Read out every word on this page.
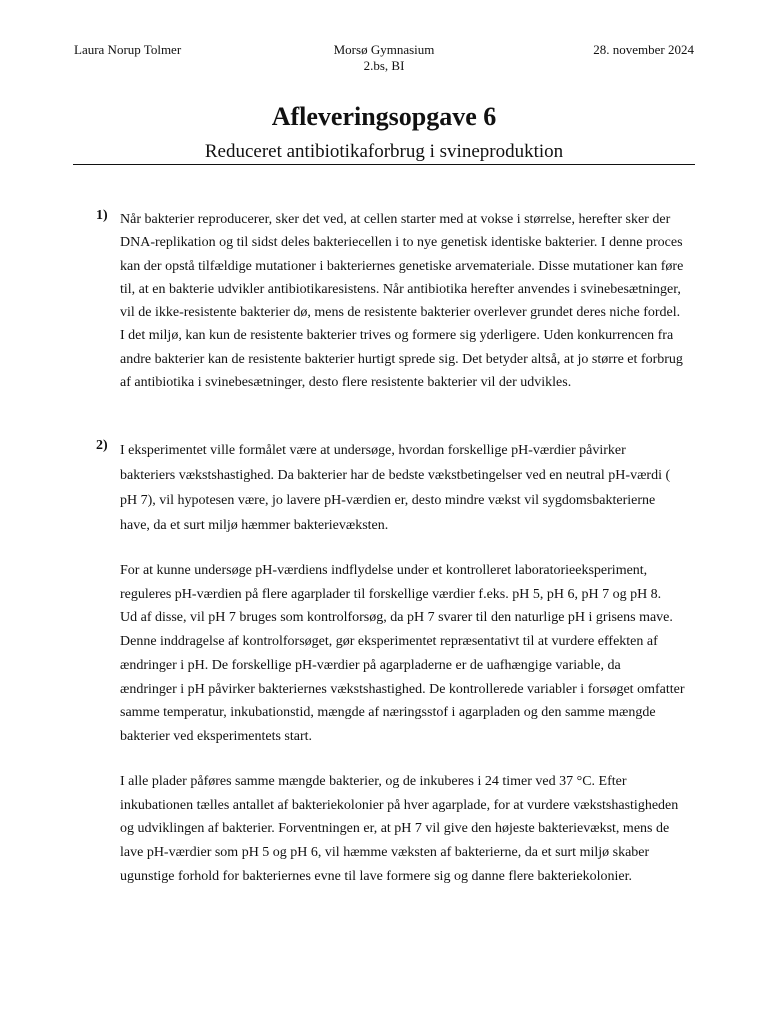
Laura Norup Tolmer	Morsø Gymnasium
2.bs, BI
28. november 2024
Afleveringsopgave 6
Reduceret antibiotikaforbrug i svineproduktion
1) Når bakterier reproducerer, sker det ved, at cellen starter med at vokse i størrelse, herefter sker der
DNA-replikation og til sidst deles bakteriecellen i to nye genetisk identiske bakterier. I denne proces
kan der opstå tilfældige mutationer i bakteriernes genetiske arvemateriale. Disse mutationer kan føre
til, at en bakterie udvikler antibiotikaresistens. Når antibiotika herefter anvendes i svinebesætninger,
vil de ikke-resistente bakterier dø, mens de resistente bakterier overlever grundet deres niche fordel.
I det miljø, kan kun de resistente bakterier trives og formere sig yderligere. Uden konkurrencen fra
andre bakterier kan de resistente bakterier hurtigt sprede sig. Det betyder altså, at jo større et forbrug
af antibiotika i svinebesætninger, desto flere resistente bakterier vil der udvikles.
2) I eksperimentet ville formålet være at undersøge, hvordan forskellige pH-værdier påvirker
bakteriers vækstshastighed. Da bakterier har de bedste vækstbetingelser ved en neutral pH-værdi (
pH 7), vil hypotesen være, jo lavere pH-værdien er, desto mindre vækst vil sygdomsbakterierne
have, da et surt miljø hæmmer bakterievæksten.
For at kunne undersøge pH-værdiens indflydelse under et kontrolleret laboratorieeksperiment,
reguleres pH-værdien på flere agarplader til forskellige værdier f.eks. pH 5, pH 6, pH 7 og pH 8.
Ud af disse, vil pH 7 bruges som kontrolforsøg, da pH 7 svarer til den naturlige pH i grisens mave.
Denne inddragelse af kontrolforsøget, gør eksperimentet repræsentativt til at vurdere effekten af
ændringer i pH. De forskellige pH-værdier på agarpladerne er de uafhængige variable, da
ændringer i pH påvirker bakteriernes vækstshastighed. De kontrollerede variabler i forsøget omfatter
samme temperatur, inkubationstid, mængde af næringsstof i agarpladen og den samme mængde
bakterier ved eksperimentets start.
I alle plader påføres samme mængde bakterier, og de inkuberes i 24 timer ved 37 °C. Efter
inkubationen tælles antallet af bakteriekolonier på hver agarplade, for at vurdere vækstshastigheden
og udviklingen af bakterier. Forventningen er, at pH 7 vil give den højeste bakterievækst, mens de
lave pH-værdier som pH 5 og pH 6, vil hæmme væksten af bakterierne, da et surt miljø skaber
ugunstige forhold for bakteriernes evne til lave formere sig og danne flere bakteriekolonier.
